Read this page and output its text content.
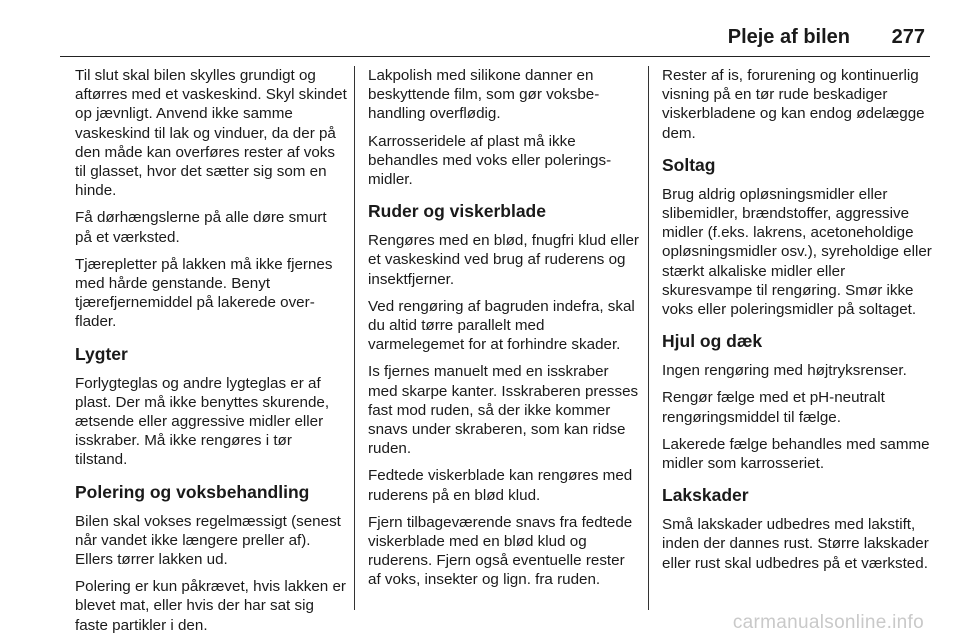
Pleje af bilen 277

Til slut skal bilen skylles grundigt og aftørres med et vaskeskind. Skyl skindet op jævnligt. Anvend ikke samme vaskeskind til lak og vinduer, da der på den måde kan overføres rester af voks til glasset, hvor det sætter sig som en hinde.

Få dørhængslerne på alle døre smurt på et værksted.

Tjærepletter på lakken må ikke fjernes med hårde genstande. Benyt tjærefjernemiddel på lakerede overflader.

Lygter

Forlygteglas og andre lygteglas er af plast. Der må ikke benyttes skurende, ætsende eller aggressive midler eller isskraber. Må ikke rengøres i tør tilstand.

Polering og voksbehandling

Bilen skal vokses regelmæssigt (senest når vandet ikke længere preller af). Ellers tørrer lakken ud.

Polering er kun påkrævet, hvis lakken er blevet mat, eller hvis der har sat sig faste partikler i den.

Lakpolish med silikone danner en beskyttende film, som gør voksbehandling overflødig.

Karrosseridele af plast må ikke behandles med voks eller poleringsmidler.

Ruder og viskerblade

Rengøres med en blød, fnugfri klud eller et vaskeskind ved brug af ruderens og insektfjerner.

Ved rengøring af bagruden indefra, skal du altid tørre parallelt med varmelegemet for at forhindre skader.

Is fjernes manuelt med en isskraber med skarpe kanter. Isskraberen presses fast mod ruden, så der ikke kommer snavs under skraberen, som kan ridse ruden.

Fedtede viskerblade kan rengøres med ruderens på en blød klud.

Fjern tilbageværende snavs fra fedtede viskerblade med en blød klud og ruderens. Fjern også eventuelle rester af voks, insekter og lign. fra ruden.

Rester af is, forurening og kontinuerlig visning på en tør rude beskadiger viskerbladene og kan endog ødelægge dem.

Soltag

Brug aldrig opløsningsmidler eller slibemidler, brændstoffer, aggressive midler (f.eks. lakrens, acetoneholdige opløsningsmidler osv.), syreholdige eller stærkt alkaliske midler eller skuresvampe til rengøring. Smør ikke voks eller poleringsmidler på soltaget.

Hjul og dæk

Ingen rengøring med højtryksrenser.

Rengør fælge med et pH-neutralt rengøringsmiddel til fælge.

Lakerede fælge behandles med samme midler som karrosseriet.

Lakskader

Små lakskader udbedres med lakstift, inden der dannes rust. Større lakskader eller rust skal udbedres på et værksted.

carmanualsonline.info
